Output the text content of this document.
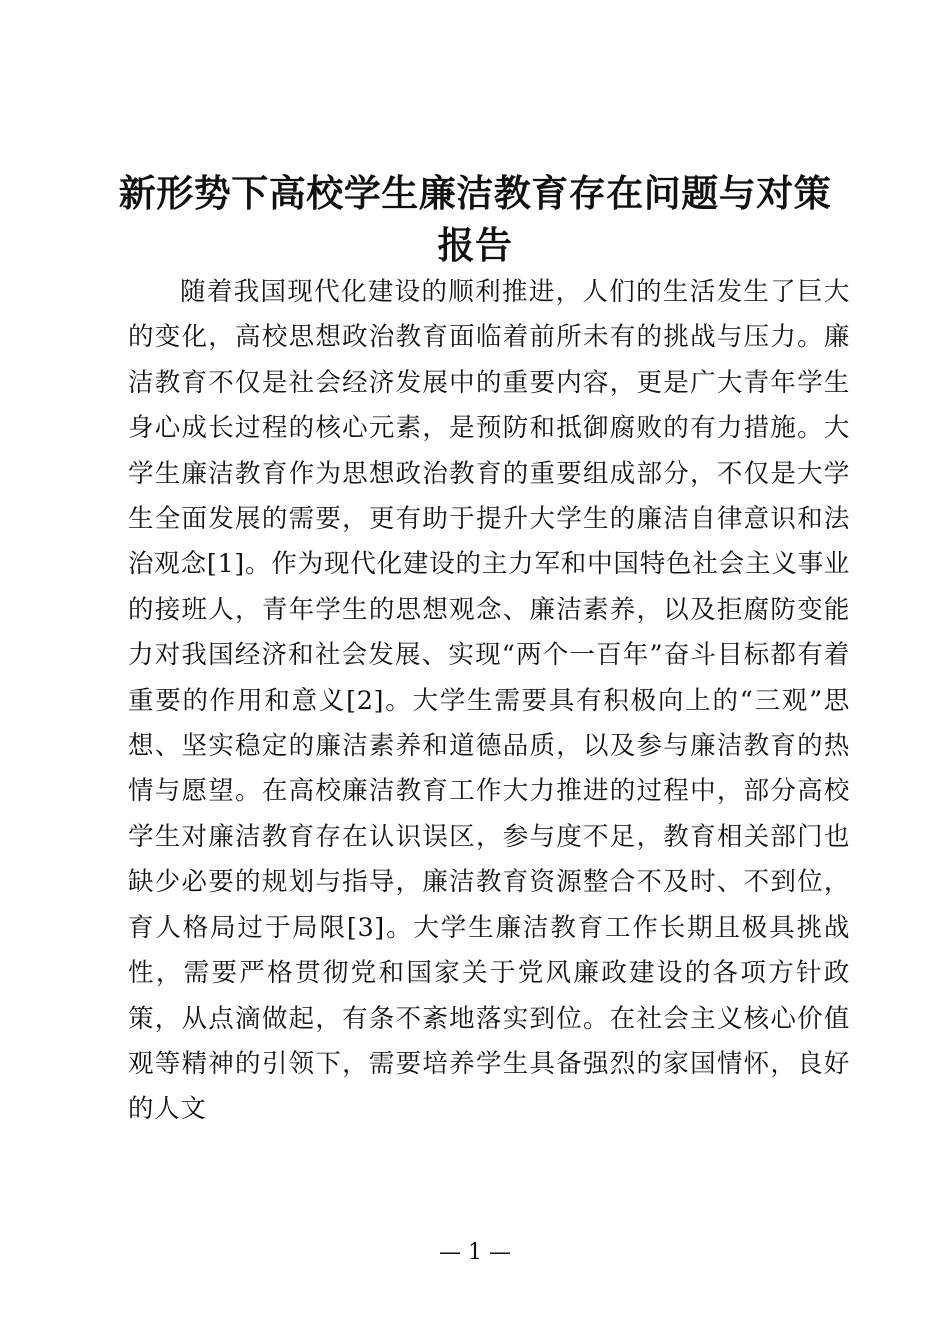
新形势下高校学生廉洁教育存在问题与对策报告

随着我国现代化建设的顺利推进，人们的生活发生了巨大的变化，高校思想政治教育面临着前所未有的挑战与压力。廉洁教育不仅是社会经济发展中的重要内容，更是广大青年学生身心成长过程的核心元素，是预防和抵御腐败的有力措施。大学生廉洁教育作为思想政治教育的重要组成部分，不仅是大学生全面发展的需要，更有助于提升大学生的廉洁自律意识和法治观念[1]。作为现代化建设的主力军和中国特色社会主义事业的接班人，青年学生的思想观念、廉洁素养，以及拒腐防变能力对我国经济和社会发展、实现“两个一百年”奋斗目标都有着重要的作用和意义[2]。大学生需要具有积极向上的“三观”思想、坚实稳定的廉洁素养和道德品质，以及参与廉洁教育的热情与愿望。在高校廉洁教育工作大力推进的过程中，部分高校学生对廉洁教育存在认识误区，参与度不足，教育相关部门也缺少必要的规划与指导，廉洁教育资源整合不及时、不到位，育人格局过于局限[3]。大学生廉洁教育工作长期且极具挑战性，需要严格贯彻党和国家关于党风廉政建设的各项方针政策，从点滴做起，有条不紊地落实到位。在社会主义核心价值观等精神的引领下，需要培养学生具备强烈的家国情怀，良好的人文

— 1 —
